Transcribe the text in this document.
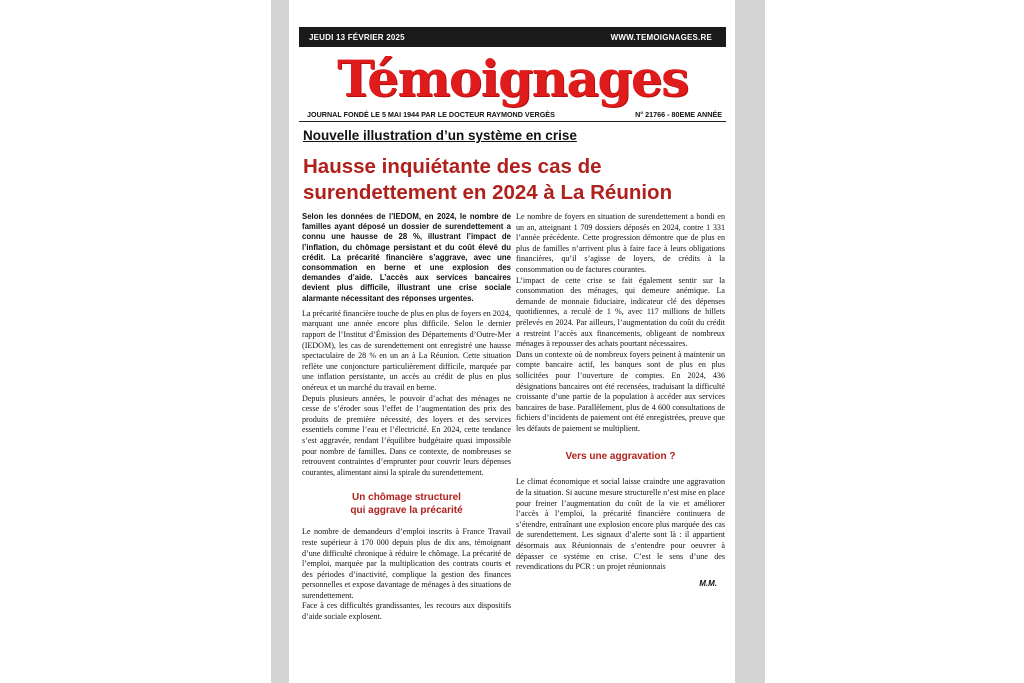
JEUDI 13 FÉVRIER 2025	WWW.TEMOIGNAGES.RE
Témoignages
JOURNAL FONDÉ LE 5 MAI 1944 PAR LE DOCTEUR RAYMOND VERGÈS	N° 21766 - 80EME ANNÉE
Nouvelle illustration d’un système en crise
Hausse inquiétante des cas de
surendettement en 2024 à La Réunion

Selon les données de l’IEDOM, en 2024, le nombre de familles ayant déposé un dossier de surendettement a connu une hausse de 28 %, illustrant l’impact de l’inflation, du chômage persistant et du coût élevé du crédit. La précarité financière s’aggrave, avec une consommation en berne et une explosion des demandes d’aide. L’accès aux services bancaires devient plus difficile, illustrant une crise sociale alarmante nécessitant des réponses urgentes.

La précarité financière touche de plus en plus de foyers en 2024, marquant une année encore plus difficile. Selon le dernier rapport de l’Institut d’Émission des Départements d’Outre-Mer (IEDOM), les cas de surendettement ont enregistré une hausse spectaculaire de 28 % en un an à La Réunion. Cette situation reflète une conjoncture particulièrement difficile, marquée par une inflation persistante, un accès au crédit de plus en plus onéreux et un marché du travail en berne.

Depuis plusieurs années, le pouvoir d’achat des ménages ne cesse de s’éroder sous l’effet de l’augmentation des prix des produits de première nécessité, des loyers et des services essentiels comme l’eau et l’électricité. En 2024, cette tendance s’est aggravée, rendant l’équilibre budgétaire quasi impossible pour nombre de familles. Dans ce contexte, de nombreuses se retrouvent contraintes d’emprunter pour couvrir leurs dépenses courantes, alimentant ainsi la spirale du surendettement.

Un chômage structurel
qui aggrave la précarité

Le nombre de demandeurs d’emploi inscrits à France Travail reste supérieur à 170 000 depuis plus de dix ans, témoignant d’une difficulté chronique à réduire le chômage. La précarité de l’emploi, marquée par la multiplication des contrats courts et des périodes d’inactivité, complique la gestion des finances personnelles et expose davantage de ménages à des situations de surendettement.

Face à ces difficultés grandissantes, les recours aux dispositifs d’aide sociale explosent.

Le nombre de foyers en situation de surendettement a bondi en un an, atteignant 1 709 dossiers déposés en 2024, contre 1 331 l’année précédente. Cette progression démontre que de plus en plus de familles n’arrivent plus à faire face à leurs obligations financières, qu’il s’agisse de loyers, de crédits à la consommation ou de factures courantes.

L’impact de cette crise se fait également sentir sur la consommation des ménages, qui demeure anémique. La demande de monnaie fiduciaire, indicateur clé des dépenses quotidiennes, a reculé de 1 %, avec 117 millions de billets prélevés en 2024. Par ailleurs, l’augmentation du coût du crédit a restreint l’accès aux financements, obligeant de nombreux ménages à repousser des achats pourtant nécessaires.

Dans un contexte où de nombreux foyers peinent à maintenir un compte bancaire actif, les banques sont de plus en plus sollicitées pour l’ouverture de comptes. En 2024, 436 désignations bancaires ont été recensées, traduisant la difficulté croissante d’une partie de la population à accéder aux services bancaires de base. Parallèlement, plus de 4 600 consultations de fichiers d’incidents de paiement ont été enregistrées, preuve que les défauts de paiement se multiplient.

Vers une aggravation ?

Le climat économique et social laisse craindre une aggravation de la situation. Si aucune mesure structurelle n’est mise en place pour freiner l’augmentation du coût de la vie et améliorer l’accès à l’emploi, la précarité financière continuera de s’étendre, entraînant une explosion encore plus marquée des cas de surendettement. Les signaux d’alerte sont là : il appartient désormais aux Réunionnais de s’entendre pour oeuvrer à dépasser ce système en crise. C’est le sens d’une des revendications du PCR : un projet réunionnais

M.M.
